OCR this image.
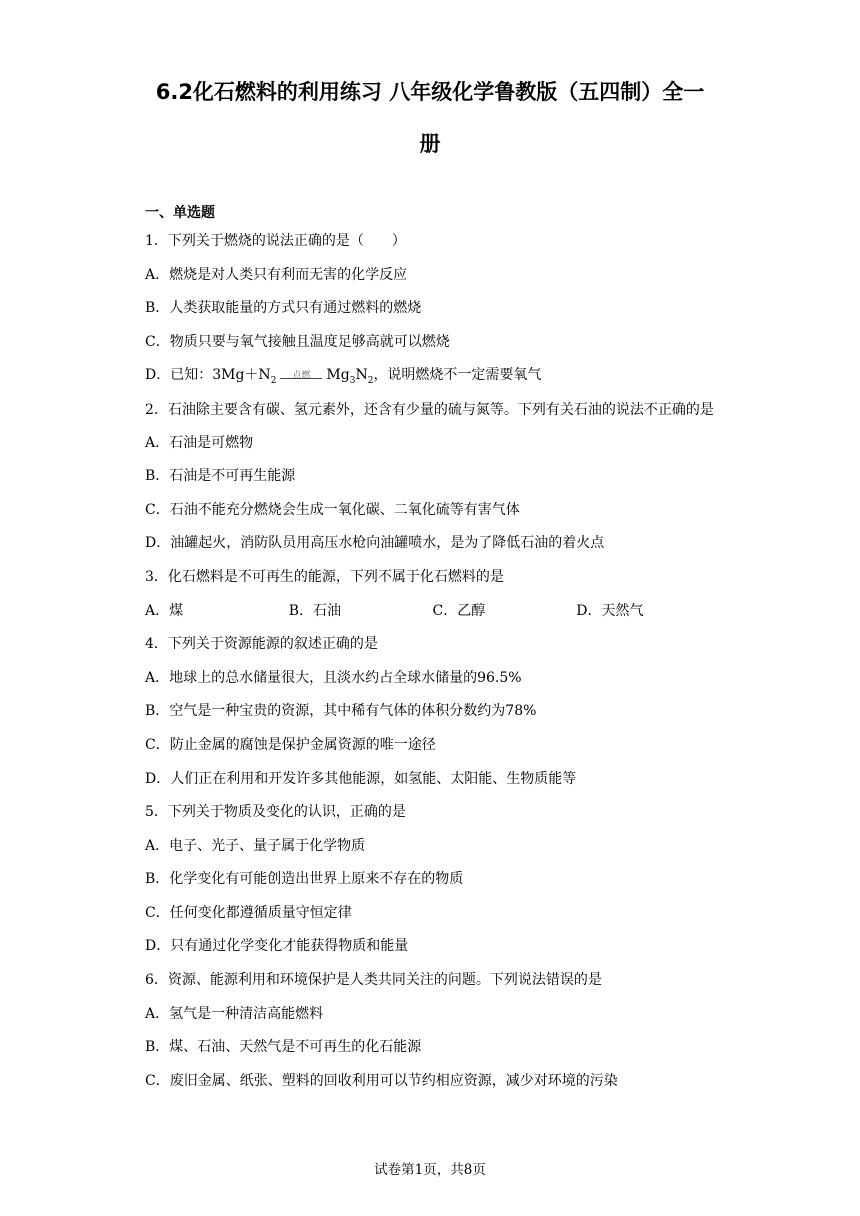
6.2化石燃料的利用练习 八年级化学鲁教版（五四制）全一
册
一、单选题
1．下列关于燃烧的说法正确的是（　　）
A．燃烧是对人类只有利而无害的化学反应
B．人类获取能量的方式只有通过燃料的燃烧
C．物质只要与氧气接触且温度足够高就可以燃烧
D．已知：$3Mg+N_2$	点燃	$Mg_3N_2$，说明燃烧不一定需要氧气
2．石油除主要含有碳、氢元素外，还含有少量的硫与氮等。下列有关石油的说法不正确的是
A．石油是可燃物
B．石油是不可再生能源
C．石油不能充分燃烧会生成一氧化碳、二氧化硫等有害气体
D．油罐起火，消防队员用高压水枪向油罐喷水，是为了降低石油的着火点
3．化石燃料是不可再生的能源，下列不属于化石燃料的是
A．煤	B．石油	C．乙醇	D．天然气
4．下列关于资源能源的叙述正确的是
A．地球上的总水储量很大，且淡水约占全球水储量的96.5%
B．空气是一种宝贵的资源，其中稀有气体的体积分数约为78%
C．防止金属的腐蚀是保护金属资源的唯一途径
D．人们正在利用和开发许多其他能源，如氢能、太阳能、生物质能等
5．下列关于物质及变化的认识，正确的是
A．电子、光子、量子属于化学物质
B．化学变化有可能创造出世界上原来不存在的物质
C．任何变化都遵循质量守恒定律
D．只有通过化学变化才能获得物质和能量
6．资源、能源利用和环境保护是人类共同关注的问题。下列说法错误的是
A．氢气是一种清洁高能燃料
B．煤、石油、天然气是不可再生的化石能源
C．废旧金属、纸张、塑料的回收利用可以节约相应资源，减少对环境的污染
试卷第1页，共8页
